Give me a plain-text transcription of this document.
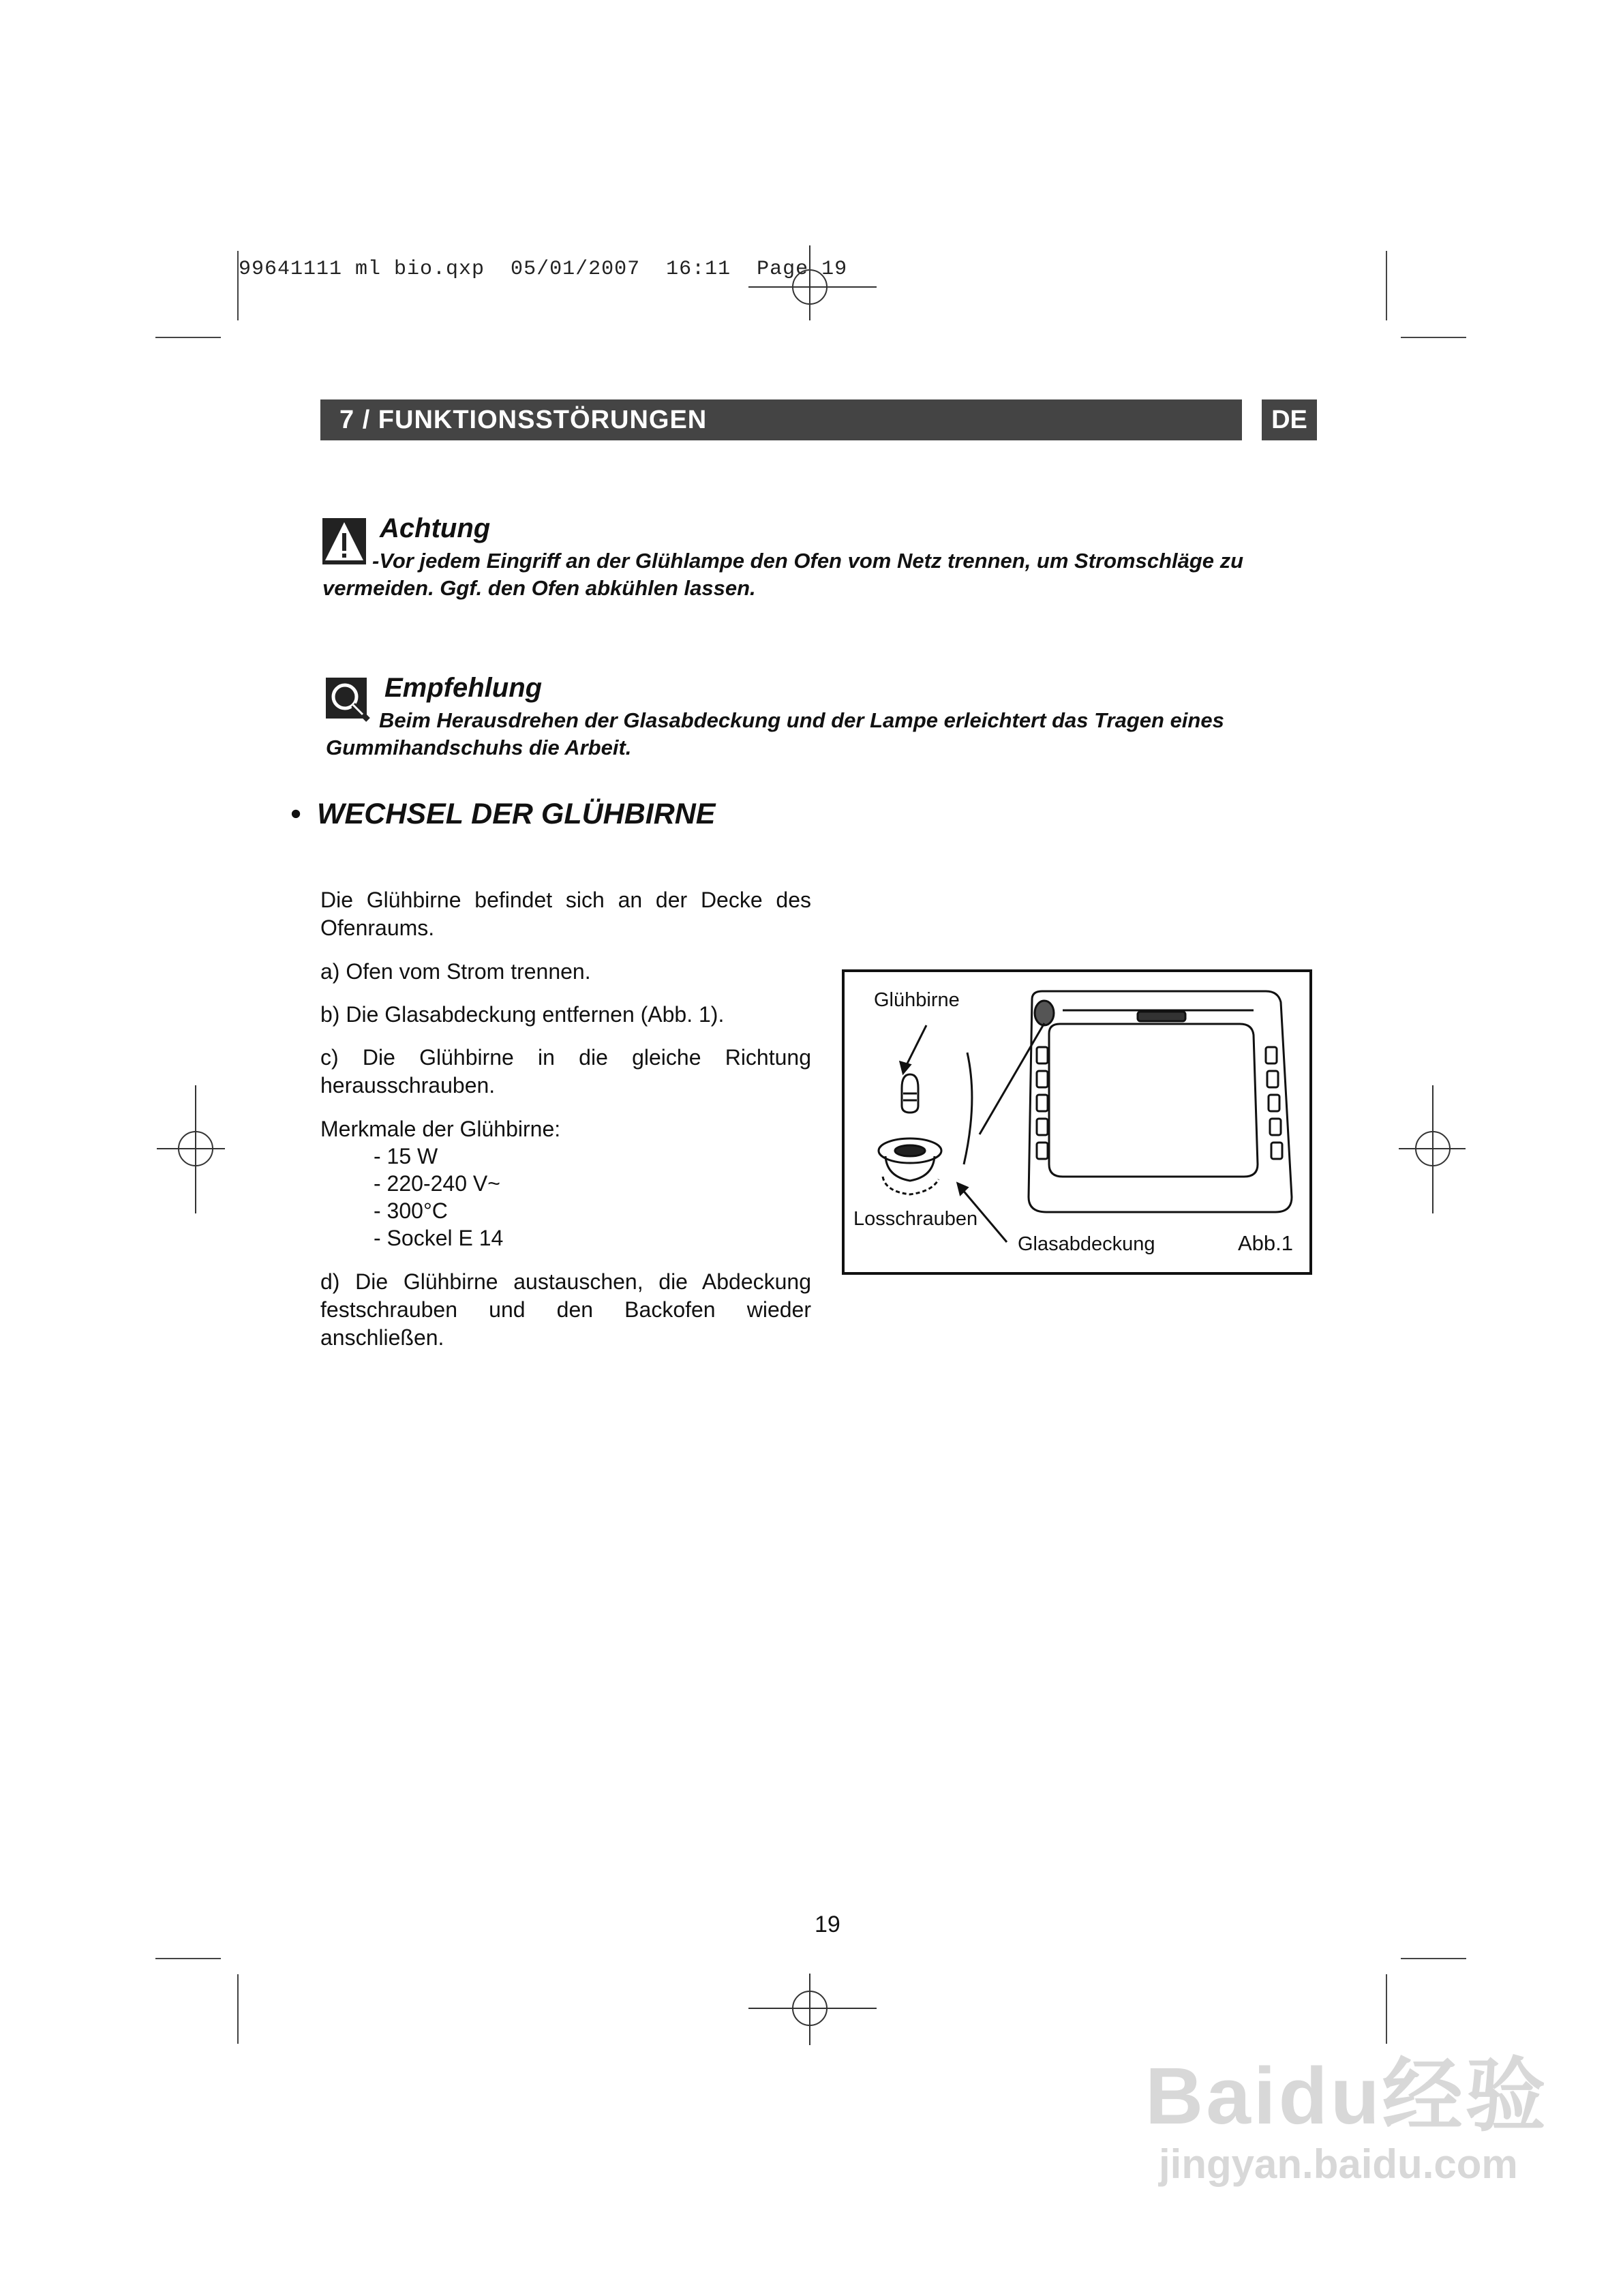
99641111 ml bio.qxp  05/01/2007  16:11  Page 19
7 / FUNKTIONSSTÖRUNGEN	DE
Achtung
-Vor jedem Eingriff an der Glühlampe den Ofen vom Netz trennen, um Stromschläge zu
vermeiden. Ggf. den Ofen abkühlen lassen.
Empfehlung
Beim Herausdrehen der Glasabdeckung und der Lampe erleichtert das Tragen eines
Gummihandschuhs die Arbeit.
• WECHSEL DER GLÜHBIRNE
Die Glühbirne befindet sich an der Decke des Ofenraums.
a) Ofen vom Strom trennen.
b) Die Glasabdeckung entfernen (Abb. 1).
c) Die Glühbirne in die gleiche Richtung herausschrauben.
Merkmale der Glühbirne:
- 15 W
- 220-240 V~
- 300°C
- Sockel E 14
d) Die Glühbirne austauschen, die Abdeckung festschrauben und den Backofen wieder anschließen.
Glühbirne
Losschrauben
Glasabdeckung	Abb.1
19
Baidu经验
jingyan.baidu.com
